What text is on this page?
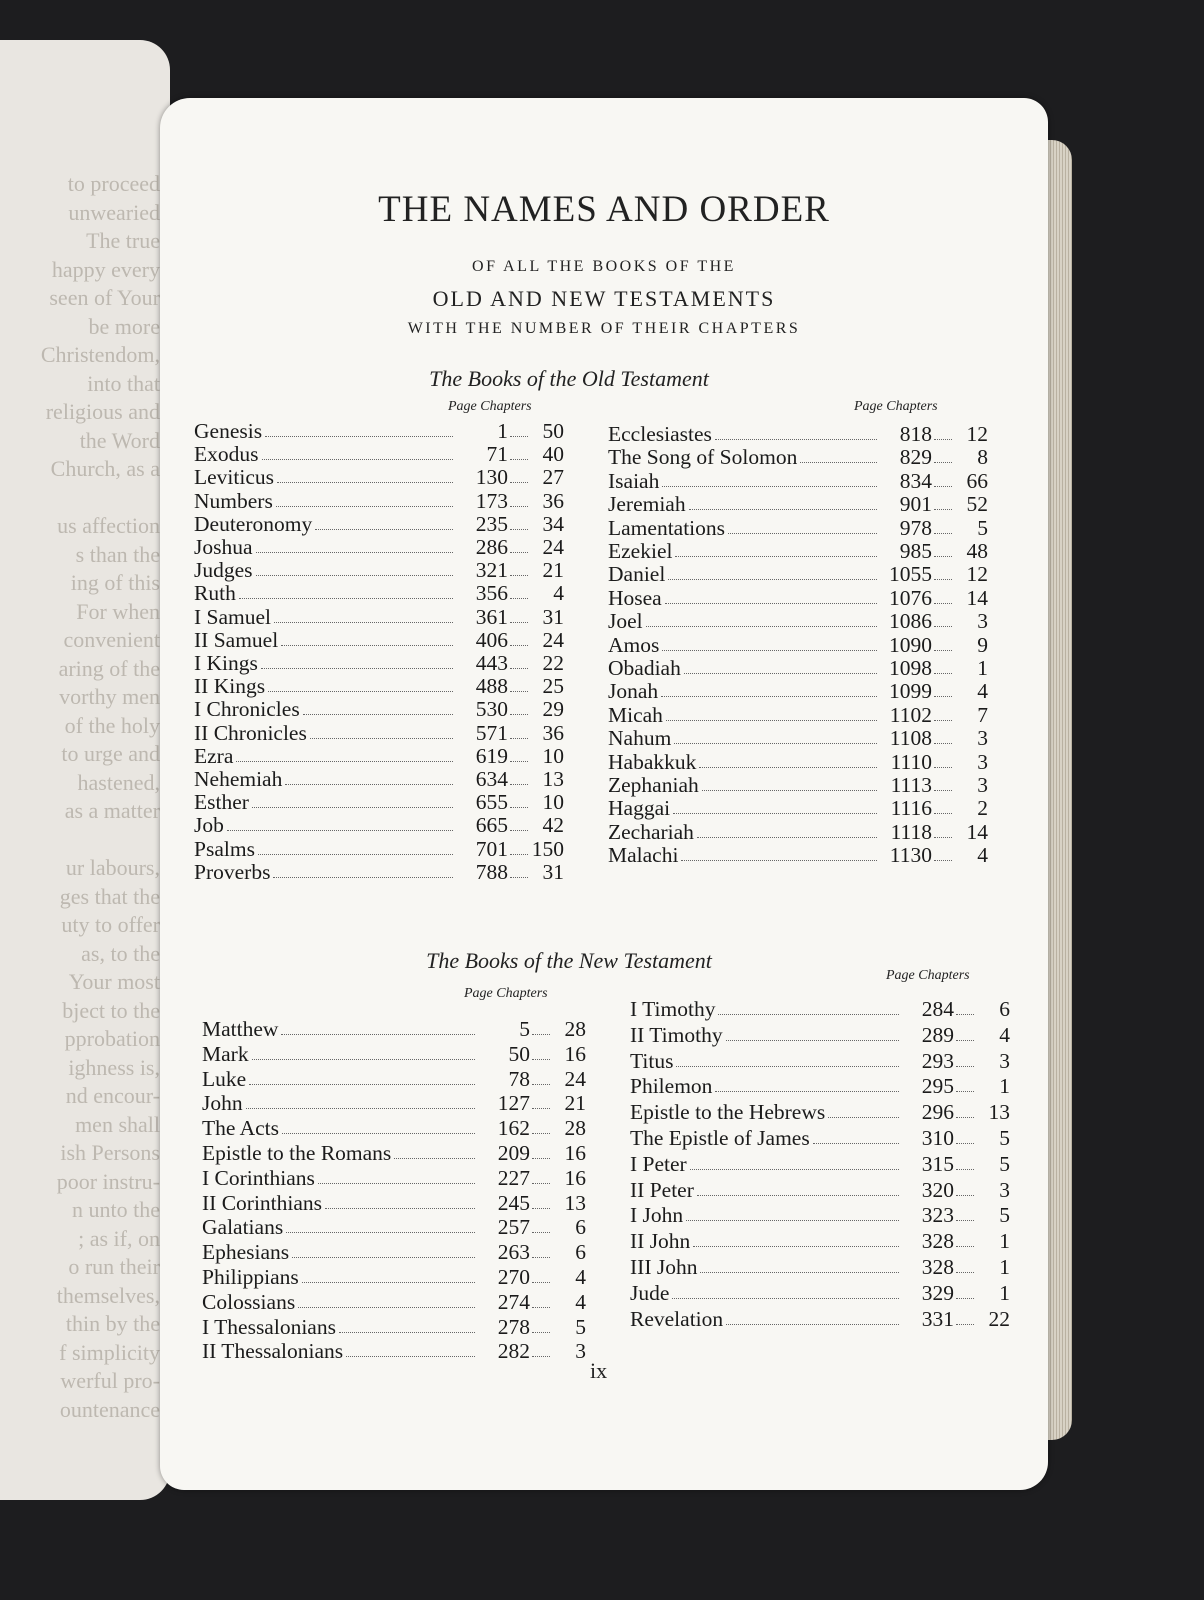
to proceed
unwearied
The true
happy every
seen of Your
be more
Christendom,
into that
religious and
the Word
Church, as a

us affection
s than the
ing of this
For when
convenient
aring of the
vorthy men
of the holy
to urge and
hastened,
as a matter

ur labours,
ges that the
uty to offer
as, to the
Your most
bject to the
pprobation
ighness is,
nd encour-
men shall
ish Persons
poor instru-
n unto the
; as if, on
o run their
themselves,
thin by the
f simplicity
werful pro-
ountenance
THE NAMES AND ORDER
OF ALL THE BOOKS OF THE
OLD AND NEW TESTAMENTS
WITH THE NUMBER OF THEIR CHAPTERS
The Books of the Old Testament
Page Chapters	Page Chapters
Genesis	1	50
Exodus	71	40
Leviticus	130	27
Numbers	173	36
Deuteronomy	235	34
Joshua	286	24
Judges	321	21
Ruth	356	4
I Samuel	361	31
II Samuel	406	24
I Kings	443	22
II Kings	488	25
I Chronicles	530	29
II Chronicles	571	36
Ezra	619	10
Nehemiah	634	13
Esther	655	10
Job	665	42
Psalms	701 150
Proverbs	788	31
Ecclesiastes	818	12
The Song of Solomon	829	8
Isaiah	834	66
Jeremiah	901	52
Lamentations	978	5
Ezekiel	985	48
Daniel	1055	12
Hosea	1076	14
Joel	1086	3
Amos	1090	9
Obadiah	1098	1
Jonah	1099	4
Micah	1102	7
Nahum	1108	3
Habakkuk	1110	3
Zephaniah	1113	3
Haggai	1116	2
Zechariah	1118	14
Malachi	1130	4
The Books of the New Testament
Page Chapters
Page Chapters
Matthew	5	28
Mark	50	16
Luke	78	24
John	127	21
The Acts	162	28
Epistle to the Romans	209	16
I Corinthians	227	16
II Corinthians	245	13
Galatians	257	6
Ephesians	263	6
Philippians	270	4
Colossians	274	4
I Thessalonians	278	5
II Thessalonians	282	3
I Timothy	284	6
II Timothy	289	4
Titus	293	3
Philemon	295	1
Epistle to the Hebrews	296	13
The Epistle of James	310	5
I Peter	315	5
II Peter	320	3
I John	323	5
II John	328	1
III John	328	1
Jude	329	1
Revelation	331	22
ix
